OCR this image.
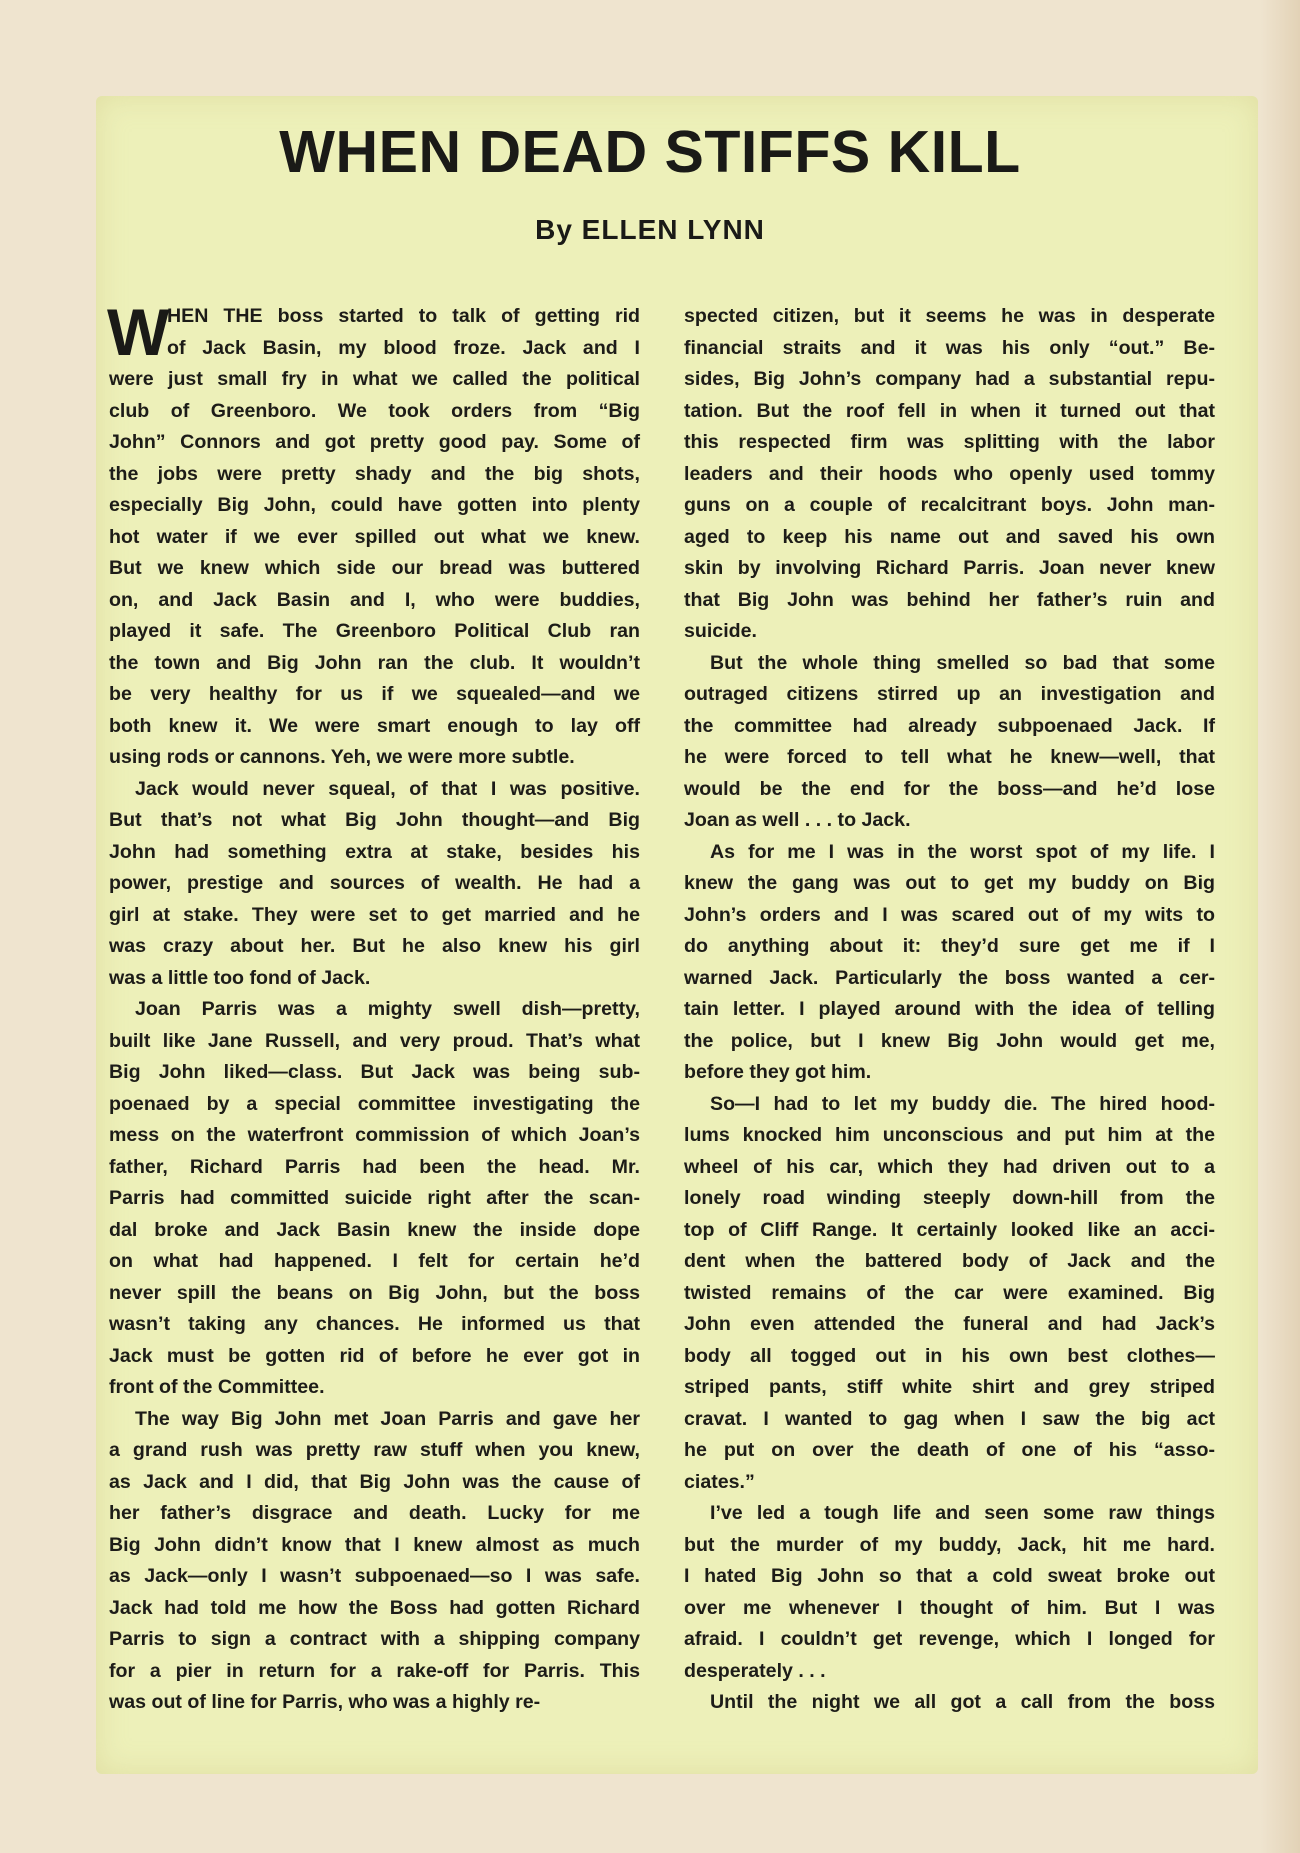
WHEN DEAD STIFFS KILL
By ELLEN LYNN
W
HEN THE boss started to talk of getting rid
of Jack Basin, my blood froze. Jack and I
were just small fry in what we called the political
club of Greenboro. We took orders from “Big
John” Connors and got pretty good pay. Some of
the jobs were pretty shady and the big shots,
especially Big John, could have gotten into plenty
hot water if we ever spilled out what we knew.
But we knew which side our bread was buttered
on, and Jack Basin and I, who were buddies,
played it safe. The Greenboro Political Club ran
the town and Big John ran the club. It wouldn’t
be very healthy for us if we squealed—and we
both knew it. We were smart enough to lay off
using rods or cannons. Yeh, we were more subtle.
Jack would never squeal, of that I was positive.
But that’s not what Big John thought—and Big
John had something extra at stake, besides his
power, prestige and sources of wealth. He had a
girl at stake. They were set to get married and he
was crazy about her. But he also knew his girl
was a little too fond of Jack.
Joan Parris was a mighty swell dish—pretty,
built like Jane Russell, and very proud. That’s what
Big John liked—class. But Jack was being sub-
poenaed by a special committee investigating the
mess on the waterfront commission of which Joan’s
father, Richard Parris had been the head. Mr.
Parris had committed suicide right after the scan-
dal broke and Jack Basin knew the inside dope
on what had happened. I felt for certain he’d
never spill the beans on Big John, but the boss
wasn’t taking any chances. He informed us that
Jack must be gotten rid of before he ever got in
front of the Committee.
The way Big John met Joan Parris and gave her
a grand rush was pretty raw stuff when you knew,
as Jack and I did, that Big John was the cause of
her father’s disgrace and death. Lucky for me
Big John didn’t know that I knew almost as much
as Jack—only I wasn’t subpoenaed—so I was safe.
Jack had told me how the Boss had gotten Richard
Parris to sign a contract with a shipping company
for a pier in return for a rake-off for Parris. This
was out of line for Parris, who was a highly re-
spected citizen, but it seems he was in desperate
financial straits and it was his only “out.” Be-
sides, Big John’s company had a substantial repu-
tation. But the roof fell in when it turned out that
this respected firm was splitting with the labor
leaders and their hoods who openly used tommy
guns on a couple of recalcitrant boys. John man-
aged to keep his name out and saved his own
skin by involving Richard Parris. Joan never knew
that Big John was behind her father’s ruin and
suicide.
But the whole thing smelled so bad that some
outraged citizens stirred up an investigation and
the committee had already subpoenaed Jack. If
he were forced to tell what he knew—well, that
would be the end for the boss—and he’d lose
Joan as well . . . to Jack.
As for me I was in the worst spot of my life. I
knew the gang was out to get my buddy on Big
John’s orders and I was scared out of my wits to
do anything about it: they’d sure get me if I
warned Jack. Particularly the boss wanted a cer-
tain letter. I played around with the idea of telling
the police, but I knew Big John would get me,
before they got him.
So—I had to let my buddy die. The hired hood-
lums knocked him unconscious and put him at the
wheel of his car, which they had driven out to a
lonely road winding steeply down-hill from the
top of Cliff Range. It certainly looked like an acci-
dent when the battered body of Jack and the
twisted remains of the car were examined. Big
John even attended the funeral and had Jack’s
body all togged out in his own best clothes—
striped pants, stiff white shirt and grey striped
cravat. I wanted to gag when I saw the big act
he put on over the death of one of his “asso-
ciates.”
I’ve led a tough life and seen some raw things
but the murder of my buddy, Jack, hit me hard.
I hated Big John so that a cold sweat broke out
over me whenever I thought of him. But I was
afraid. I couldn’t get revenge, which I longed for
desperately . . .
Until the night we all got a call from the boss
